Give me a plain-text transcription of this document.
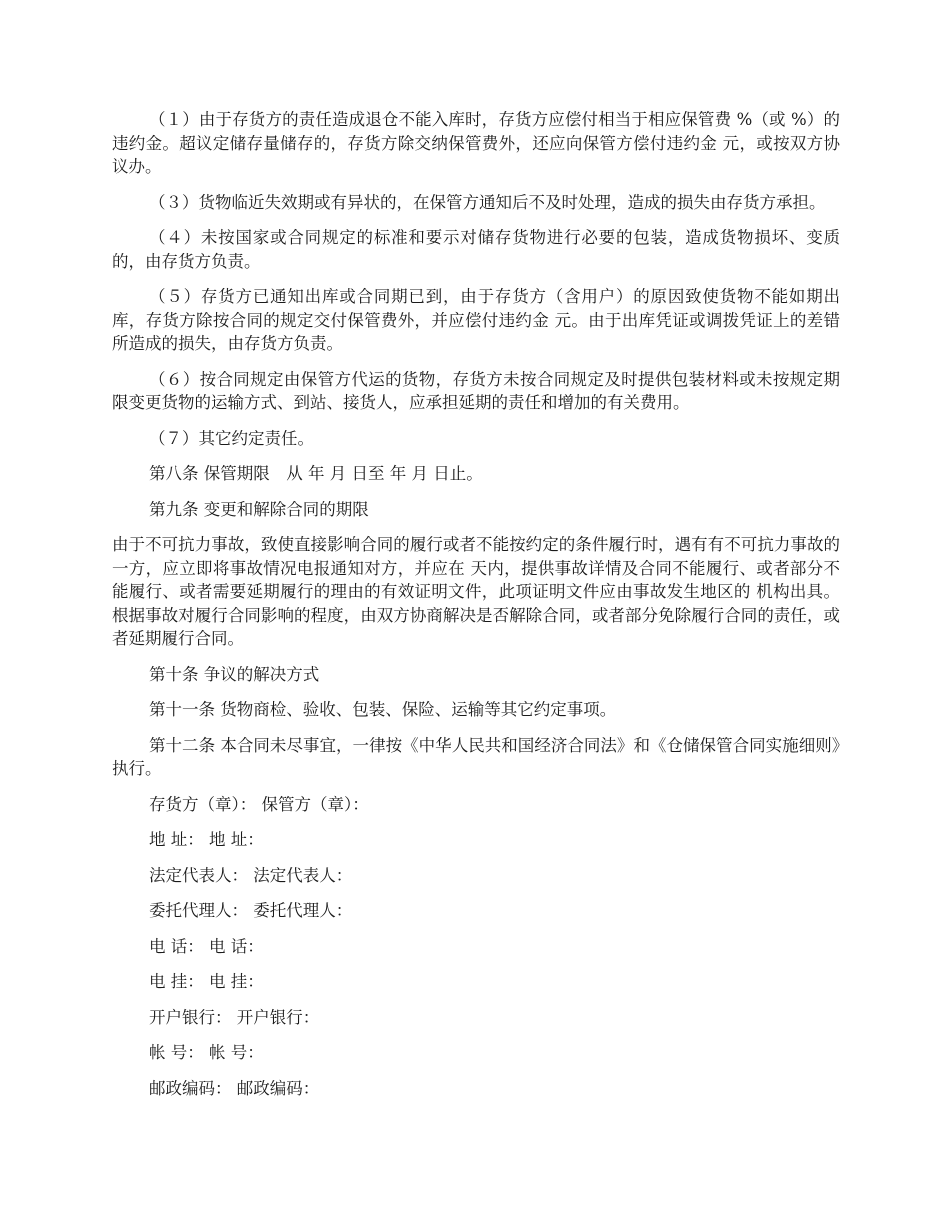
（１）由于存货方的责任造成退仓不能入库时，存货方应偿付相当于相应保管费 %（或 %）的违约金。超议定储存量储存的，存货方除交纳保管费外，还应向保管方偿付违约金 元，或按双方协议办。

（３）货物临近失效期或有异状的，在保管方通知后不及时处理，造成的损失由存货方承担。

（４）未按国家或合同规定的标准和要示对储存货物进行必要的包装，造成货物损坏、变质的，由存货方负责。

（５）存货方已通知出库或合同期已到，由于存货方（含用户）的原因致使货物不能如期出库，存货方除按合同的规定交付保管费外，并应偿付违约金 元。由于出库凭证或调拨凭证上的差错所造成的损失，由存货方负责。

（６）按合同规定由保管方代运的货物，存货方未按合同规定及时提供包装材料或未按规定期限变更货物的运输方式、到站、接货人，应承担延期的责任和增加的有关费用。

（７）其它约定责任。

第八条 保管期限　从 年 月 日至 年 月 日止。

第九条 变更和解除合同的期限

由于不可抗力事故，致使直接影响合同的履行或者不能按约定的条件履行时，遇有有不可抗力事故的一方，应立即将事故情况电报通知对方，并应在 天内，提供事故详情及合同不能履行、或者部分不能履行、或者需要延期履行的理由的有效证明文件，此项证明文件应由事故发生地区的 机构出具。根据事故对履行合同影响的程度，由双方协商解决是否解除合同，或者部分免除履行合同的责任，或者延期履行合同。

第十条 争议的解决方式

第十一条 货物商检、验收、包装、保险、运输等其它约定事项。

第十二条 本合同未尽事宜，一律按《中华人民共和国经济合同法》和《仓储保管合同实施细则》执行。

存货方（章）： 保管方（章）：
地 址： 地 址：
法定代表人： 法定代表人：
委托代理人： 委托代理人：
电 话： 电 话：
电 挂： 电 挂：
开户银行： 开户银行：
帐 号： 帐 号：
邮政编码： 邮政编码：
